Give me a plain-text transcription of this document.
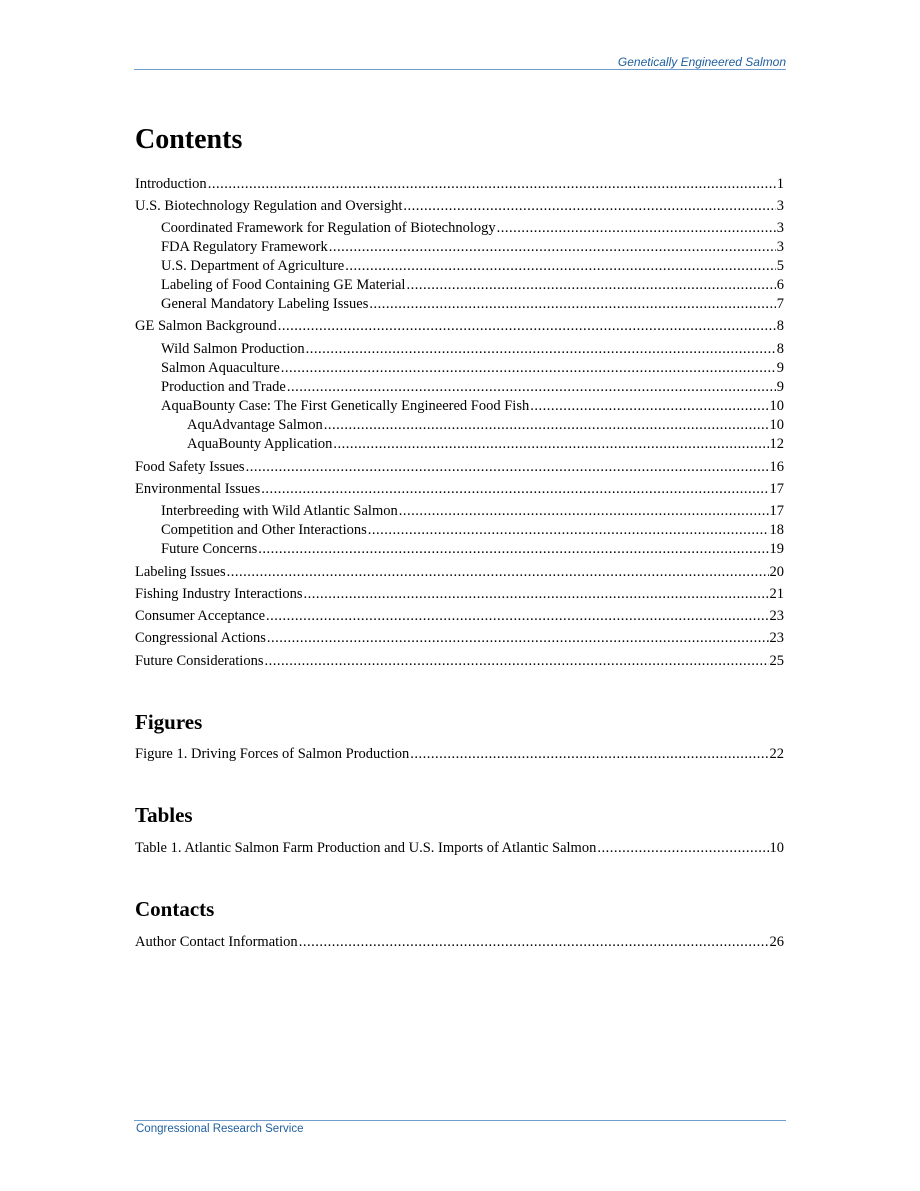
Genetically Engineered Salmon
Contents
Introduction .....	1
U.S. Biotechnology Regulation and Oversight .....	3
Coordinated Framework for Regulation of Biotechnology .....	3
FDA Regulatory Framework .....	3
U.S. Department of Agriculture .....	5
Labeling of Food Containing GE Material .....	6
General Mandatory Labeling Issues .....	7
GE Salmon Background .....	8
Wild Salmon Production .....	8
Salmon Aquaculture .....	9
Production and Trade .....	9
AquaBounty Case: The First Genetically Engineered Food Fish .....	10
AquAdvantage Salmon .....	10
AquaBounty Application .....	12
Food Safety Issues .....	16
Environmental Issues .....	17
Interbreeding with Wild Atlantic Salmon .....	17
Competition and Other Interactions .....	18
Future Concerns .....	19
Labeling Issues .....	20
Fishing Industry Interactions .....	21
Consumer Acceptance .....	23
Congressional Actions .....	23
Future Considerations .....	25
Figures
Figure 1. Driving Forces of Salmon Production .....	22
Tables
Table 1. Atlantic Salmon Farm Production and U.S. Imports of Atlantic Salmon .....	10
Contacts
Author Contact Information .....	26
Congressional Research Service
